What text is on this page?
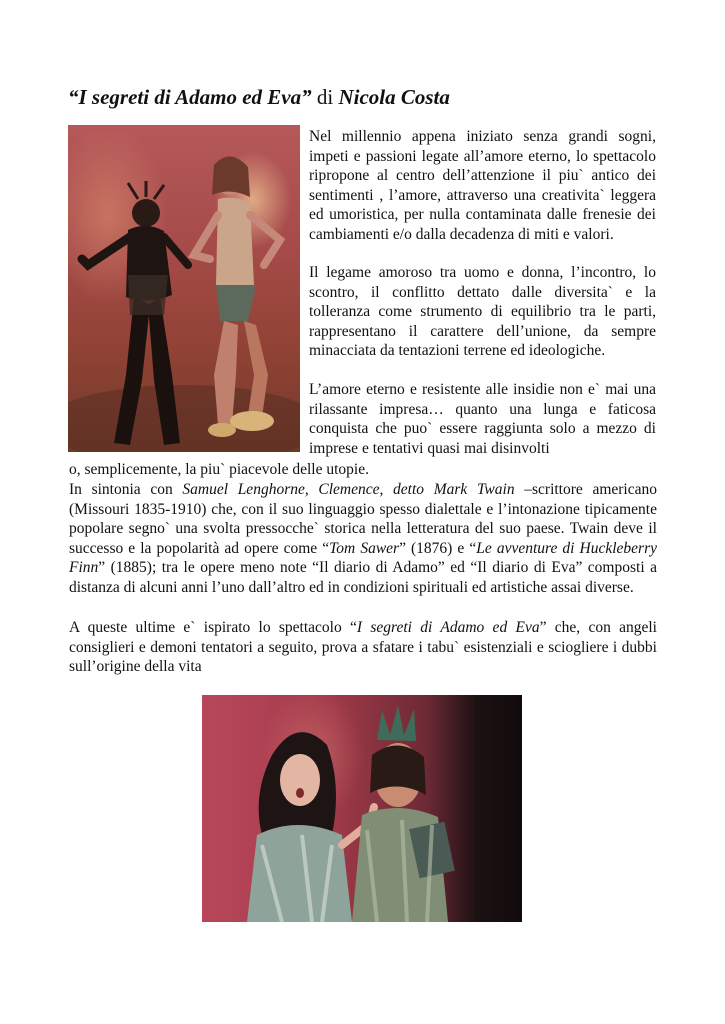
“I segreti di Adamo ed Eva” di Nicola Costa
Nel millennio appena iniziato senza grandi sogni, impeti e passioni legate all’amore eterno, lo spettacolo ripropone al centro dell’attenzione il piu` antico dei sentimenti , l’amore, attraverso una creativita` leggera ed umoristica, per nulla contaminata dalle frenesie dei cambiamenti e/o dalla decadenza di miti e valori.
Il legame amoroso tra uomo e donna, l’incontro, lo scontro, il conflitto dettato dalle diversita` e la tolleranza come strumento di equilibrio tra le parti, rappresentano il carattere dell’unione, da sempre minacciata da tentazioni terrene ed ideologiche.
L’amore eterno e resistente alle insidie non e` mai una rilassante impresa… quanto una lunga e faticosa conquista che puo` essere raggiunta solo a mezzo di imprese e tentativi quasi mai disinvolti
o, semplicemente, la piu` piacevole delle utopie.
In sintonia con Samuel Lenghorne, Clemence, detto Mark Twain –scrittore americano (Missouri 1835-1910) che, con il suo linguaggio spesso dialettale e l’intonazione tipicamente popolare segno` una svolta pressocche` storica nella letteratura del suo paese. Twain deve il successo e la popolarità ad opere come “Tom Sawer” (1876) e “Le avventure di Huckleberry Finn” (1885); tra le opere meno note “Il diario di Adamo” ed “Il diario di Eva” composti a distanza di alcuni anni l’uno dall’altro ed in condizioni spirituali ed artistiche assai diverse.
A queste ultime e` ispirato lo spettacolo “I segreti di Adamo ed Eva” che, con angeli consiglieri e demoni tentatori a seguito, prova a sfatare i tabu` esistenziali e sciogliere i dubbi sull’origine della vita
